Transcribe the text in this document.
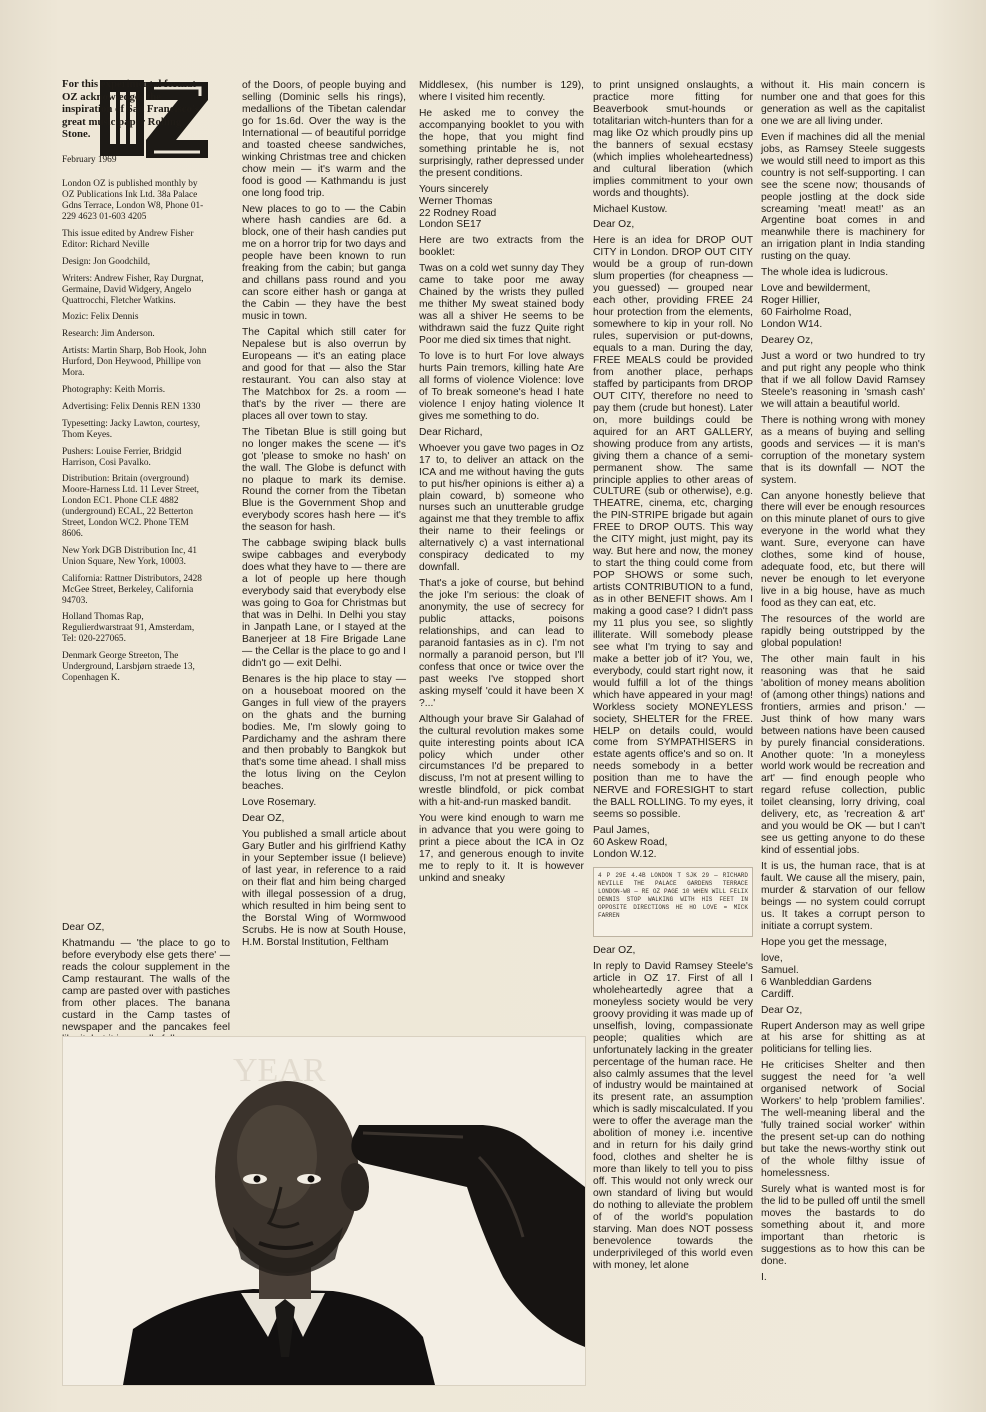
For this experimental format OZ acknowledges the inspiration of San Francisco's great music paper Rolling Stone.

February 1969

London OZ is published monthly by OZ Publications Ink Ltd. 38a Palace Gdns Terrace, London W8, Phone 01-229 4623 01-603 4205

This issue edited by Andrew Fisher
Editor: Richard Neville

Design: Jon Goodchild,

Writers: Andrew Fisher, Ray Durgnat, Germaine, David Widgery, Angelo Quattrocchi, Fletcher Watkins.

Mozic: Felix Dennis

Research: Jim Anderson.

Artists: Martin Sharp, Bob Hook, John Hurford, Don Heywood, Phillipe von Mora.

Photography: Keith Morris.

Advertising: Felix Dennis REN 1330

Typesetting: Jacky Lawton, courtesy, Thom Keyes.

Pushers: Louise Ferrier, Bridgid Harrison, Cosi Pavalko.

Distribution: Britain (overground) Moore-Harness Ltd. 11 Lever Street, London EC1. Phone CLE 4882 (underground) ECAL, 22 Betterton Street, London WC2. Phone TEM 8606.

New York DGB Distribution Inc, 41 Union Square, New York, 10003.

California: Rattner Distributors, 2428 McGee Street, Berkeley, California 94703.

Holland Thomas Rap, Regulierdwarstraat 91, Amsterdam, Tel: 020-227065.

Denmark George Streeton, The Underground, Larsbjørn straede 13, Copenhagen K.

Dear OZ,

Khatmandu — 'the place to go to before everybody else gets there' — reads the colour supplement in the Camp restaurant. The walls of the camp are pasted over with pastiches from other places. The banana custard in the Camp tastes of newspaper and the pancakes feel

of the Doors, of people buying and selling (Dominic sells his rings), medallions of the Tibetan calendar go for 1s.6d. Over the way is the International — of beautiful porridge and toasted cheese sandwiches, winking Christmas tree and chicken chow mein — it's warm and the food is good — Kathmandu is just one long food trip.

New places to go to — the Cabin where hash candies are 6d. a block, one of their hash candies put me on a horror trip for two days and people have been known to run freaking from the cabin; but ganga and chillans pass round and you can score either hash or ganga at the Cabin — they have the best music in town.

The Capital which still cater for Nepalese but is also overrun by Europeans — it's an eating place and good for that — also the Star restaurant. You can also stay at The Matchbox for 2s. a room — that's by the river — there are places all over town to stay.

The Tibetan Blue is still going but no longer makes the scene — it's got 'please to smoke no hash' on the wall. The Globe is defunct with no plaque to mark its demise. Round the corner from the Tibetan Blue is the Government Shop and everybody scores hash here — it's the season for hash.

The cabbage swiping black bulls swipe cabbages and everybody does what they have to — there are a lot of people up here though everybody said that everybody else was going to Goa for Christmas but that was in Delhi. In Delhi you stay in Janpath Lane, or I stayed at the Banerjeer at 18 Fire Brigade Lane — the Cellar is the place to go and I didn't go — exit Delhi.

Benares is the hip place to stay — on a houseboat moored on the Ganges in full view of the prayers on the ghats and the burning bodies. Me, I'm slowly going to Pardichamy and the ashram there and then probably to Bangkok but that's some time ahead. I shall miss the lotus living on the Ceylon beaches.

Love Rosemary.

Dear OZ,

You published a small article about Gary Butler and his girlfriend Kathy in your September issue (I believe) of last year, in reference to a raid on their flat and him being charged with illegal possession of a drug, which resulted in him being sent to the Borstal Wing of Wormwood Scrubs. He is now at South House, H.M. Borstal Institution, Feltham

Middlesex, (his number is 129), where I visited him recently.

He asked me to convey the accompanying booklet to you with the hope, that you might find something printable he is, not surprisingly, rather depressed under the present conditions.

Yours sincerely
Werner Thomas
22 Rodney Road
London SE17

Here are two extracts from the booklet:

Twas on a cold wet sunny day They came to take poor me away Chained by the wrists they pulled me thither My sweat stained body was all a shiver He seems to be withdrawn said the fuzz Quite right Poor me died six times that night.

To love is to hurt For love always hurts Pain tremors, killing hate Are all forms of violence Violence: love of To break someone's head I hate violence I enjoy hating violence It gives me something to do.

Dear Richard,

Whoever you gave two pages in Oz 17 to, to deliver an attack on the ICA and me without having the guts to put his/her opinions is either a) a plain coward, b) someone who nurses such an unutterable grudge against me that they tremble to affix their name to their feelings or alternatively c) a vast international conspiracy dedicated to my downfall.

That's a joke of course, but behind the joke I'm serious: the cloak of anonymity, the use of secrecy for public attacks, poisons relationships, and can lead to paranoid fantasies as in c). I'm not normally a paranoid person, but I'll confess that once or twice over the past weeks I've stopped short asking myself 'could it have been X ?...'

Although your brave Sir Galahad of the cultural revolution makes some quite interesting points about ICA policy which under other circumstances I'd be prepared to discuss, I'm not at present willing to wrestle blindfold, or pick combat with a hit-and-run masked bandit.

You were kind enough to warn me in advance that you were going to print a piece about the ICA in Oz 17, and generous enough to invite me to reply to it. It is however unkind and sneaky

to print unsigned onslaughts, a practice more fitting for Beaverbook smut-hounds or totalitarian witch-hunters than for a mag like Oz which proudly pins up the banners of sexual ecstasy (which implies wholeheartedness) and cultural liberation (which implies commitment to your own words and thoughts).

Michael Kustow.

Dear Oz,

Here is an idea for DROP OUT CITY in London. DROP OUT CITY would be a group of run-down slum properties (for cheapness — you guessed) — grouped near each other, providing FREE 24 hour protection from the elements, somewhere to kip in your roll. No rules, supervision or put-downs, equals to a man. During the day, FREE MEALS could be provided from another place, perhaps staffed by participants from DROP OUT CITY, therefore no need to pay them (crude but honest). Later on, more buildings could be aquired for an ART GALLERY, showing produce from any artists, giving them a chance of a semi-permanent show. The same principle applies to other areas of CULTURE (sub or otherwise), e.g. THEATRE, cinema, etc, charging the PIN-STRIPE brigade but again FREE to DROP OUTS. This way the CITY might, just might, pay its way. But here and now, the money to start the thing could come from POP SHOWS or some such, artists CONTRIBUTION to a fund, as in other BENEFIT shows. Am I making a good case? I didn't pass my 11 plus you see, so slightly illiterate. Will somebody please see what I'm trying to say and make a better job of it? You, we, everybody, could start right now, it would fulfill a lot of the things which have appeared in your mag! Workless society MONEYLESS society, SHELTER for the FREE. HELP on details could, would come from SYMPATHISERS in estate agents office's and so on. It needs somebody in a better position than me to have the NERVE and FORESIGHT to start the BALL ROLLING. To my eyes, it seems so possible.

Paul James,
60 Askew Road,
London W.12.

4 P 29E 4.4B LONDON T SJK 29 — RICHARD NEVILLE THE PALACE GARDENS TERRACE LONDON-W8 — RE OZ PAGE 10 WHEN WILL FELIX DENNIS STOP WALKING WITH HIS FEET IN OPPOSITE DIRECTIONS HE HO LOVE = MICK FARREN

Dear OZ,

In reply to David Ramsey Steele's article in OZ 17. First of all I wholeheartedly agree that a moneyless society would be very groovy providing it was made up of unselfish, loving, compassionate people; qualities which are unfortunately lacking in the greater percentage of the human race. He also calmly assumes that the level of industry would be maintained at its present rate, an assumption which is sadly miscalculated. If you were to offer the average man the abolition of money i.e. incentive and in return for his daily grind food, clothes and shelter he is more than likely to tell you to piss off. This would not only wreck our own standard of living but would do nothing to alleviate the problem of of the world's population starving. Man does NOT possess benevolence towards the underprivileged of this world even with money, let alone

without it. His main concern is number one and that goes for this generation as well as the capitalist one we are all living under.

Even if machines did all the menial jobs, as Ramsey Steele suggests we would still need to import as this country is not self-supporting. I can see the scene now; thousands of people jostling at the dock side screaming 'meat! meat!' as an Argentine boat comes in and meanwhile there is machinery for an irrigation plant in India standing rusting on the quay.

The whole idea is ludicrous.

Love and bewilderment,
Roger Hillier,
60 Fairholme Road,
London W14.

Dearey Oz,

Just a word or two hundred to try and put right any people who think that if we all follow David Ramsey Steele's reasoning in 'smash cash' we will attain a beautiful world.

There is nothing wrong with money as a means of buying and selling goods and services — it is man's corruption of the monetary system that is its downfall — NOT the system.

Can anyone honestly believe that there will ever be enough resources on this minute planet of ours to give everyone in the world what they want. Sure, everyone can have clothes, some kind of house, adequate food, etc, but there will never be enough to let everyone live in a big house, have as much food as they can eat, etc.

The resources of the world are rapidly being outstripped by the global population!

The other main fault in his reasoning was that he said 'abolition of money means abolition of (among other things) nations and frontiers, armies and prison.' — Just think of how many wars between nations have been caused by purely financial considerations. Another quote: 'In a moneyless world work would be recreation and art' — find enough people who regard refuse collection, public toilet cleansing, lorry driving, coal delivery, etc, as 'recreation & art' and you would be OK — but I can't see us getting anyone to do these kind of essential jobs.

It is us, the human race, that is at fault. We cause all the misery, pain, murder & starvation of our fellow beings — no system could corrupt us. It takes a corrupt person to initiate a corrupt system.

Hope you get the message,

love,
Samuel.
6 Wanbleddian Gardens
Cardiff.

Dear Oz,

Rupert Anderson may as well gripe at his arse for shitting as at politicians for telling lies.

He criticises Shelter and then suggest the need for 'a well organised network of Social Workers' to help 'problem families'. The well-meaning liberal and the 'fully trained social worker' within the present set-up can do nothing but take the news-worthy stink out of the whole filthy issue of homelessness.

Surely what is wanted most is for the lid to be pulled off until the smell moves the bastards to do something about it, and more important than rhetoric is suggestions as to how this can be done.

I.

YEAR
